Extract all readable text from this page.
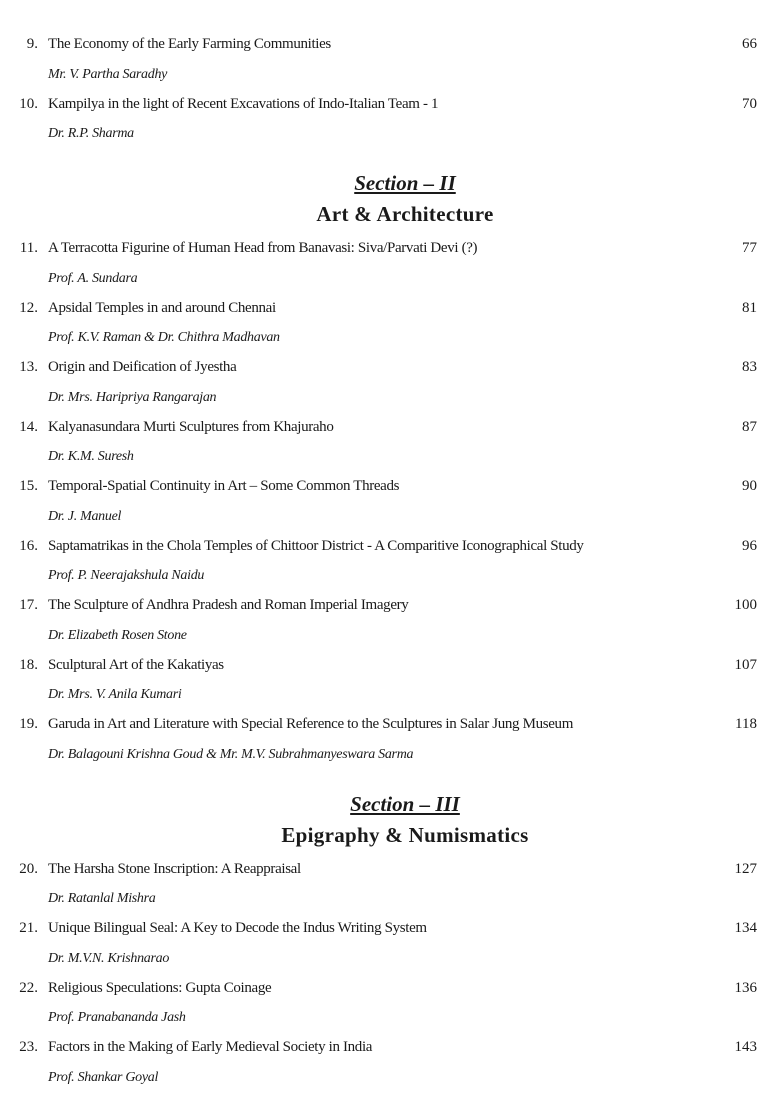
9. The Economy of the Early Farming Communities	66
Mr. V. Partha Saradhy
10. Kampilya in the light of Recent Excavations of Indo-Italian Team - 1	70
Dr. R.P. Sharma
Section – II
Art & Architecture
11. A Terracotta Figurine of Human Head from Banavasi: Siva/Parvati Devi (?)	77
Prof. A. Sundara
12. Apsidal Temples in and around Chennai	81
Prof. K.V. Raman & Dr. Chithra Madhavan
13. Origin and Deification of Jyestha	83
Dr. Mrs. Haripriya Rangarajan
14. Kalyanasundara Murti Sculptures from Khajuraho	87
Dr. K.M. Suresh
15. Temporal-Spatial Continuity in Art – Some Common Threads	90
Dr. J. Manuel
16. Saptamatrikas in the Chola Temples of Chittoor District - A Comparitive Iconographical Study	96
Prof. P. Neerajakshula Naidu
17. The Sculpture of Andhra Pradesh and Roman Imperial Imagery	100
Dr. Elizabeth Rosen Stone
18. Sculptural Art of the Kakatiyas	107
Dr. Mrs. V. Anila Kumari
19. Garuda in Art and Literature with Special Reference to the Sculptures in Salar Jung Museum	118
Dr. Balagouni Krishna Goud & Mr. M.V. Subrahmanyeswara Sarma
Section – III
Epigraphy & Numismatics
20. The Harsha Stone Inscription: A Reappraisal	127
Dr. Ratanlal Mishra
21. Unique Bilingual Seal: A Key to Decode the Indus Writing System	134
Dr. M.V.N. Krishnarao
22. Religious Speculations: Gupta Coinage	136
Prof. Pranabananda Jash
23. Factors in the Making of Early Medieval Society in India	143
Prof. Shankar Goyal
